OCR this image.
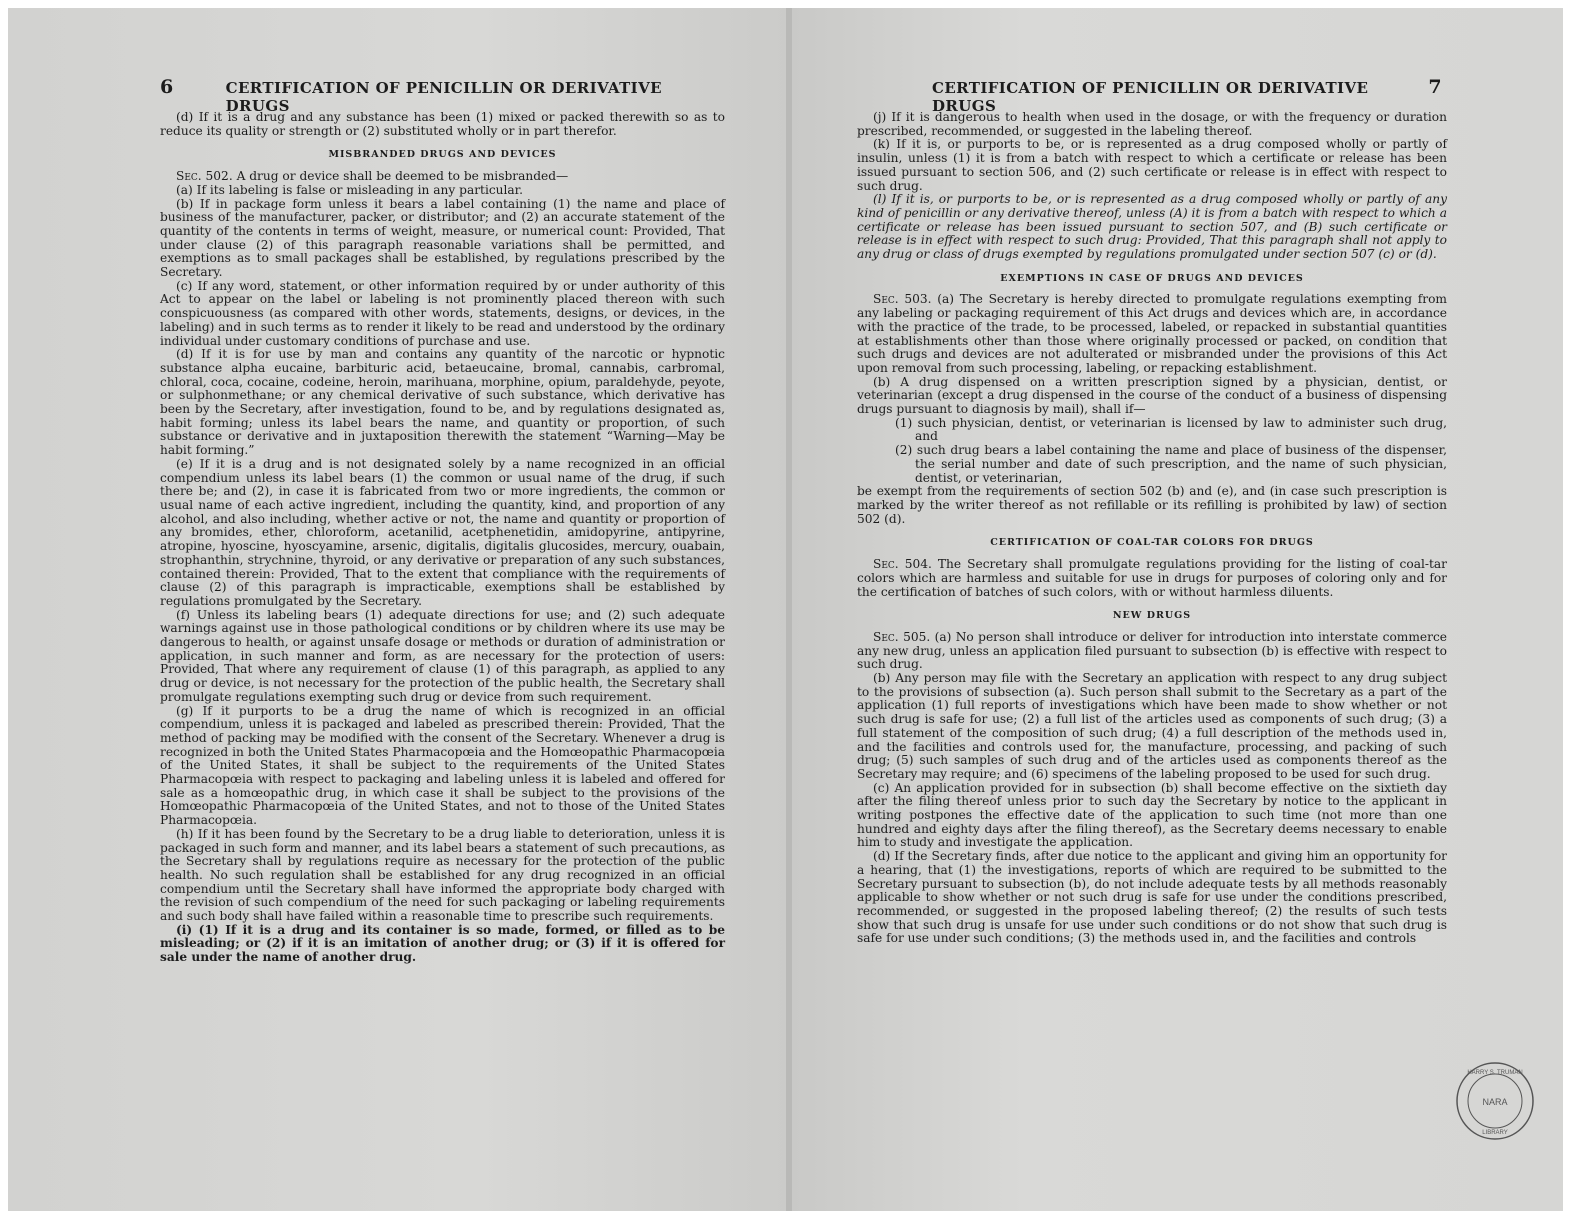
6	CERTIFICATION OF PENICILLIN OR DERIVATIVE DRUGS

(d) If it is a drug and any substance has been (1) mixed or packed therewith so as to reduce its quality or strength or (2) substituted wholly or in part therefor.

MISBRANDED DRUGS AND DEVICES

Sec. 502. A drug or device shall be deemed to be misbranded—

(a) If its labeling is false or misleading in any particular.

(b) If in package form unless it bears a label containing (1) the name and place of business of the manufacturer, packer, or distributor; and (2) an accurate statement of the quantity of the contents in terms of weight, measure, or numerical count: Provided, That under clause (2) of this paragraph reasonable variations shall be permitted, and exemptions as to small packages shall be established, by regulations prescribed by the Secretary.

(c) If any word, statement, or other information required by or under authority of this Act to appear on the label or labeling is not prominently placed thereon with such conspicuousness (as compared with other words, statements, designs, or devices, in the labeling) and in such terms as to render it likely to be read and understood by the ordinary individual under customary conditions of purchase and use.

(d) If it is for use by man and contains any quantity of the narcotic or hypnotic substance alpha eucaine, barbituric acid, betaeucaine, bromal, cannabis, carbromal, chloral, coca, cocaine, codeine, heroin, marihuana, morphine, opium, paraldehyde, peyote, or sulphonmethane; or any chemical derivative of such substance, which derivative has been by the Secretary, after investigation, found to be, and by regulations designated as, habit forming; unless its label bears the name, and quantity or proportion, of such substance or derivative and in juxtaposition therewith the statement “Warning—May be habit forming.”

(e) If it is a drug and is not designated solely by a name recognized in an official compendium unless its label bears (1) the common or usual name of the drug, if such there be; and (2), in case it is fabricated from two or more ingredients, the common or usual name of each active ingredient, including the quantity, kind, and proportion of any alcohol, and also including, whether active or not, the name and quantity or proportion of any bromides, ether, chloroform, acetanilid, acetphenetidin, amidopyrine, antipyrine, atropine, hyoscine, hyoscyamine, arsenic, digitalis, digitalis glucosides, mercury, ouabain, strophanthin, strychnine, thyroid, or any derivative or preparation of any such substances, contained therein: Provided, That to the extent that compliance with the requirements of clause (2) of this paragraph is impracticable, exemptions shall be established by regulations promulgated by the Secretary.

(f) Unless its labeling bears (1) adequate directions for use; and (2) such adequate warnings against use in those pathological conditions or by children where its use may be dangerous to health, or against unsafe dosage or methods or duration of administration or application, in such manner and form, as are necessary for the protection of users: Provided, That where any requirement of clause (1) of this paragraph, as applied to any drug or device, is not necessary for the protection of the public health, the Secretary shall promulgate regulations exempting such drug or device from such requirement.

(g) If it purports to be a drug the name of which is recognized in an official compendium, unless it is packaged and labeled as prescribed therein: Provided, That the method of packing may be modified with the consent of the Secretary. Whenever a drug is recognized in both the United States Pharmacopœia and the Homœopathic Pharmacopœia of the United States, it shall be subject to the requirements of the United States Pharmacopœia with respect to packaging and labeling unless it is labeled and offered for sale as a homœopathic drug, in which case it shall be subject to the provisions of the Homœopathic Pharmacopœia of the United States, and not to those of the United States Pharmacopœia.

(h) If it has been found by the Secretary to be a drug liable to deterioration, unless it is packaged in such form and manner, and its label bears a statement of such precautions, as the Secretary shall by regulations require as necessary for the protection of the public health. No such regulation shall be established for any drug recognized in an official compendium until the Secretary shall have informed the appropriate body charged with the revision of such compendium of the need for such packaging or labeling requirements and such body shall have failed within a reasonable time to prescribe such requirements.

(i) (1) If it is a drug and its container is so made, formed, or filled as to be misleading; or (2) if it is an imitation of another drug; or (3) if it is offered for sale under the name of another drug.

CERTIFICATION OF PENICILLIN OR DERIVATIVE DRUGS
7

(j) If it is dangerous to health when used in the dosage, or with the frequency or duration prescribed, recommended, or suggested in the labeling thereof.

(k) If it is, or purports to be, or is represented as a drug composed wholly or partly of insulin, unless (1) it is from a batch with respect to which a certificate or release has been issued pursuant to section 506, and (2) such certificate or release is in effect with respect to such drug.

(l) If it is, or purports to be, or is represented as a drug composed wholly or partly of any kind of penicillin or any derivative thereof, unless (A) it is from a batch with respect to which a certificate or release has been issued pursuant to section 507, and (B) such certificate or release is in effect with respect to such drug: Provided, That this paragraph shall not apply to any drug or class of drugs exempted by regulations promulgated under section 507 (c) or (d).

EXEMPTIONS IN CASE OF DRUGS AND DEVICES

Sec. 503. (a) The Secretary is hereby directed to promulgate regulations exempting from any labeling or packaging requirement of this Act drugs and devices which are, in accordance with the practice of the trade, to be processed, labeled, or repacked in substantial quantities at establishments other than those where originally processed or packed, on condition that such drugs and devices are not adulterated or misbranded under the provisions of this Act upon removal from such processing, labeling, or repacking establishment.

(b) A drug dispensed on a written prescription signed by a physician, dentist, or veterinarian (except a drug dispensed in the course of the conduct of a business of dispensing drugs pursuant to diagnosis by mail), shall if—

(1) such physician, dentist, or veterinarian is licensed by law to administer such drug, and

(2) such drug bears a label containing the name and place of business of the dispenser, the serial number and date of such prescription, and the name of such physician, dentist, or veterinarian,

be exempt from the requirements of section 502 (b) and (e), and (in case such prescription is marked by the writer thereof as not refillable or its refilling is prohibited by law) of section 502 (d).

CERTIFICATION OF COAL-TAR COLORS FOR DRUGS

Sec. 504. The Secretary shall promulgate regulations providing for the listing of coal-tar colors which are harmless and suitable for use in drugs for purposes of coloring only and for the certification of batches of such colors, with or without harmless diluents.

NEW DRUGS

Sec. 505. (a) No person shall introduce or deliver for introduction into interstate commerce any new drug, unless an application filed pursuant to subsection (b) is effective with respect to such drug.

(b) Any person may file with the Secretary an application with respect to any drug subject to the provisions of subsection (a). Such person shall submit to the Secretary as a part of the application (1) full reports of investigations which have been made to show whether or not such drug is safe for use; (2) a full list of the articles used as components of such drug; (3) a full statement of the composition of such drug; (4) a full description of the methods used in, and the facilities and controls used for, the manufacture, processing, and packing of such drug; (5) such samples of such drug and of the articles used as components thereof as the Secretary may require; and (6) specimens of the labeling proposed to be used for such drug.

(c) An application provided for in subsection (b) shall become effective on the sixtieth day after the filing thereof unless prior to such day the Secretary by notice to the applicant in writing postpones the effective date of the application to such time (not more than one hundred and eighty days after the filing thereof), as the Secretary deems necessary to enable him to study and investigate the application.

(d) If the Secretary finds, after due notice to the applicant and giving him an opportunity for a hearing, that (1) the investigations, reports of which are required to be submitted to the Secretary pursuant to subsection (b), do not include adequate tests by all methods reasonably applicable to show whether or not such drug is safe for use under the conditions prescribed, recommended, or suggested in the proposed labeling thereof; (2) the results of such tests show that such drug is unsafe for use under such conditions or do not show that such drug is safe for use under such conditions; (3) the methods used in, and the facilities and controls

NARA
HARRY S. TRUMAN
LIBRARY
